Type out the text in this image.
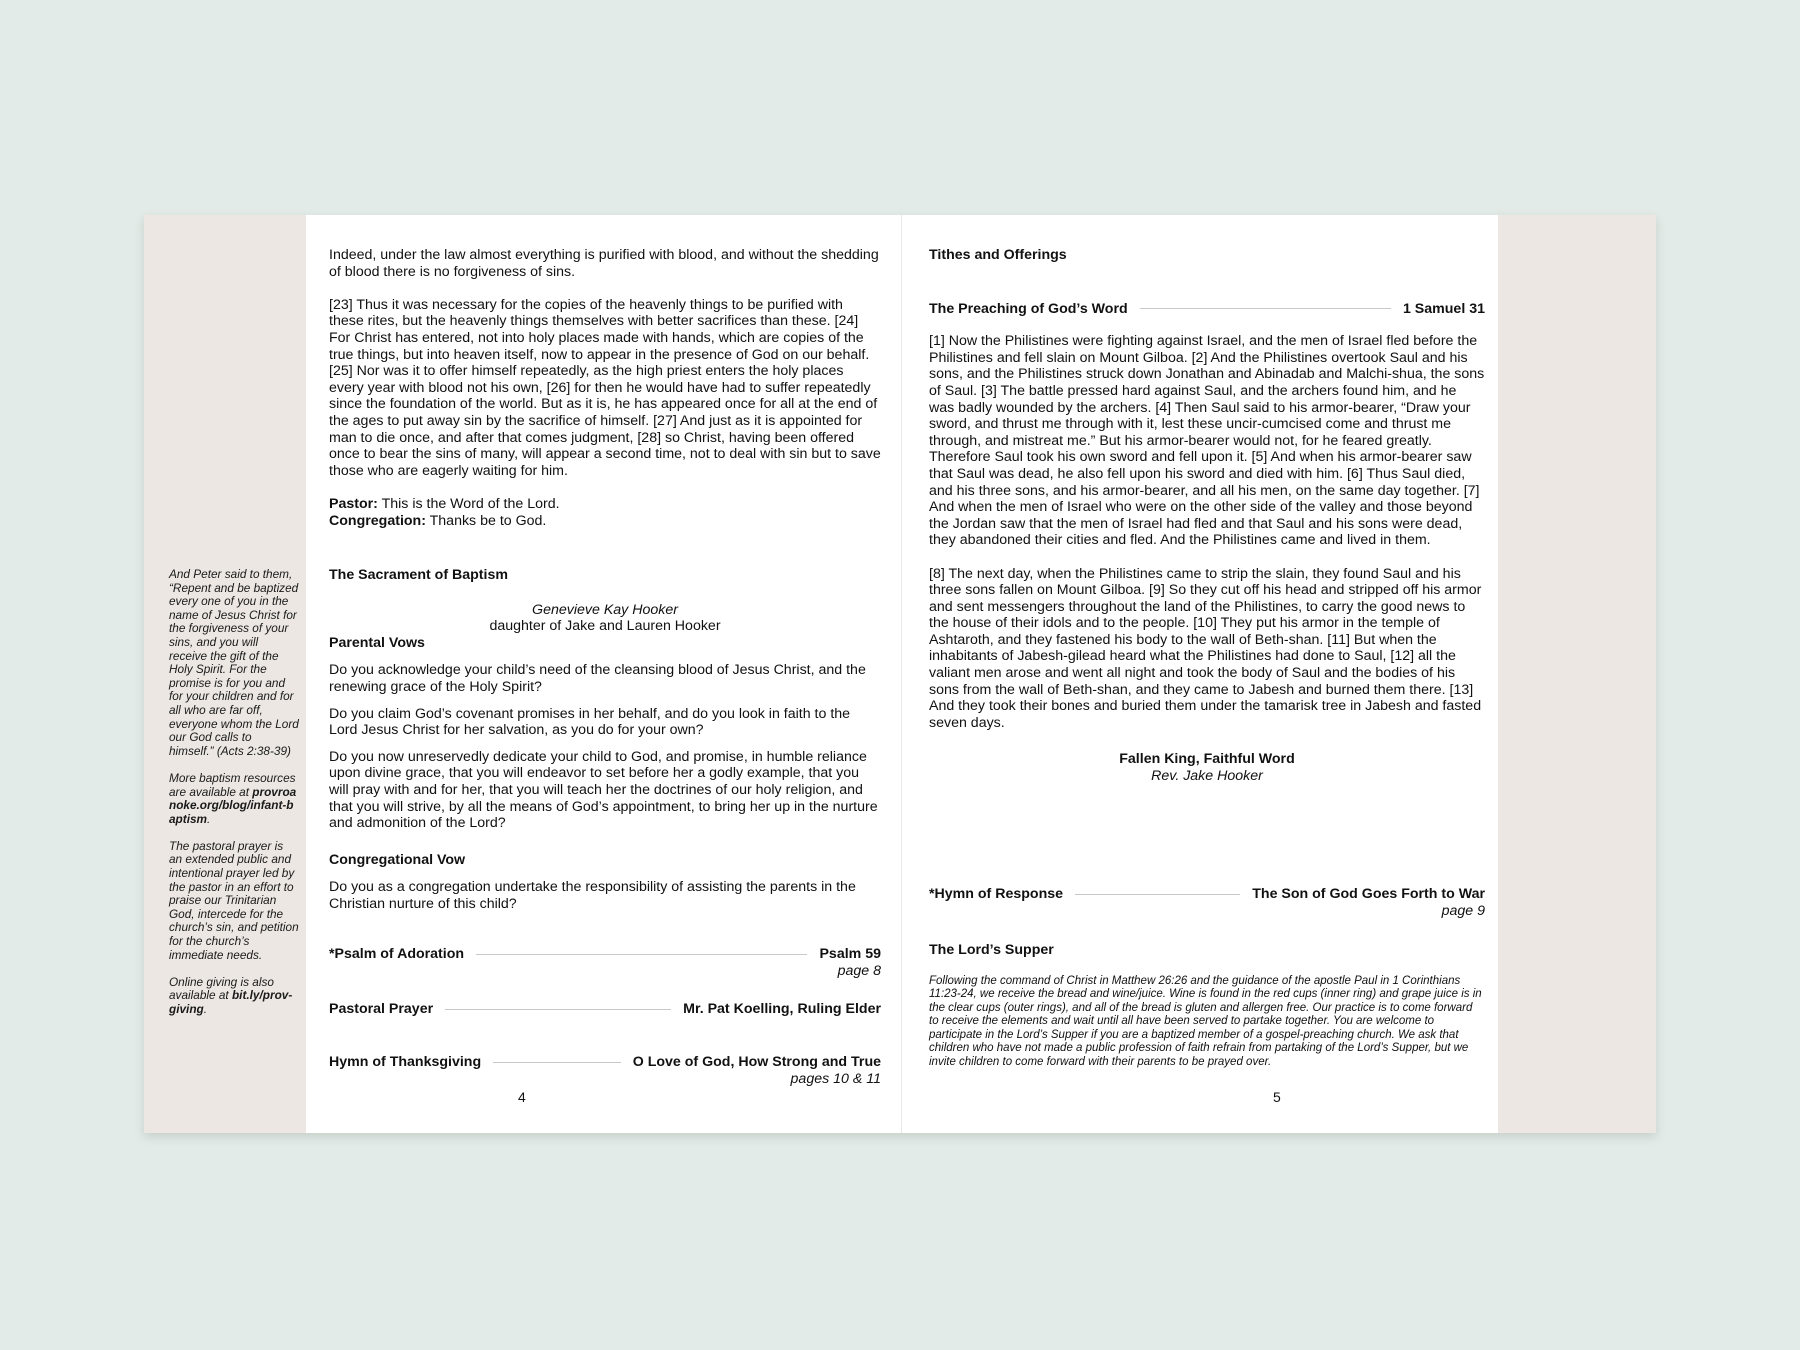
And Peter said to them, “Repent and be baptized every one of you in the name of Jesus Christ for the forgiveness of your sins, and you will receive the gift of the Holy Spirit. For the promise is for you and for your children and for all who are far off, everyone whom the Lord our God calls to himself.” (Acts 2:38-39)

More baptism resources are available at provroanoke.org/blog/infant-baptism.

The pastoral prayer is an extended public and intentional prayer led by the pastor in an effort to praise our Trinitarian God, intercede for the church’s sin, and petition for the church’s immediate needs.

Online giving is also available at bit.ly/prov-giving.

Indeed, under the law almost everything is purified with blood, and without the shedding of blood there is no forgiveness of sins.

[23] Thus it was necessary for the copies of the heavenly things to be purified with these rites, but the heavenly things themselves with better sacrifices than these. [24] For Christ has entered, not into holy places made with hands, which are copies of the true things, but into heaven itself, now to appear in the presence of God on our behalf. [25] Nor was it to offer himself repeatedly, as the high priest enters the holy places every year with blood not his own, [26] for then he would have had to suffer repeatedly since the foundation of the world. But as it is, he has appeared once for all at the end of the ages to put away sin by the sacrifice of himself. [27] And just as it is appointed for man to die once, and after that comes judgment, [28] so Christ, having been offered once to bear the sins of many, will appear a second time, not to deal with sin but to save those who are eagerly waiting for him.

Pastor: This is the Word of the Lord.

Congregation: Thanks be to God.

The Sacrament of Baptism

Genevieve Kay Hooker

daughter of Jake and Lauren Hooker

Parental Vows

Do you acknowledge your child’s need of the cleansing blood of Jesus Christ, and the renewing grace of the Holy Spirit?

Do you claim God’s covenant promises in her behalf, and do you look in faith to the Lord Jesus Christ for her salvation, as you do for your own?

Do you now unreservedly dedicate your child to God, and promise, in humble reliance upon divine grace, that you will endeavor to set before her a godly example, that you will pray with and for her, that you will teach her the doctrines of our holy religion, and that you will strive, by all the means of God’s appointment, to bring her up in the nurture and admonition of the Lord?

Congregational Vow

Do you as a congregation undertake the responsibility of assisting the parents in the Christian nurture of this child?

*Psalm of Adoration	Psalm 59
page 8
Pastoral Prayer	Mr. Pat Koelling, Ruling Elder
Hymn of Thanksgiving	O Love of God, How Strong and True
pages 10 & 11
4

Tithes and Offerings

The Preaching of God’s Word	1 Samuel 31

[1] Now the Philistines were fighting against Israel, and the men of Israel fled before the Philistines and fell slain on Mount Gilboa. [2] And the Philistines overtook Saul and his sons, and the Philistines struck down Jonathan and Abinadab and Malchi-shua, the sons of Saul. [3] The battle pressed hard against Saul, and the archers found him, and he was badly wounded by the archers. [4] Then Saul said to his armor-bearer, “Draw your sword, and thrust me through with it, lest these uncir-cumcised come and thrust me through, and mistreat me.” But his armor-bearer would not, for he feared greatly. Therefore Saul took his own sword and fell upon it. [5] And when his armor-bearer saw that Saul was dead, he also fell upon his sword and died with him. [6] Thus Saul died, and his three sons, and his armor-bearer, and all his men, on the same day together. [7] And when the men of Israel who were on the other side of the valley and those beyond the Jordan saw that the men of Israel had fled and that Saul and his sons were dead, they abandoned their cities and fled. And the Philistines came and lived in them.

[8] The next day, when the Philistines came to strip the slain, they found Saul and his three sons fallen on Mount Gilboa. [9] So they cut off his head and stripped off his armor and sent messengers throughout the land of the Philistines, to carry the good news to the house of their idols and to the people. [10] They put his armor in the temple of Ashtaroth, and they fastened his body to the wall of Beth-shan. [11] But when the inhabitants of Jabesh-gilead heard what the Philistines had done to Saul, [12] all the valiant men arose and went all night and took the body of Saul and the bodies of his sons from the wall of Beth-shan, and they came to Jabesh and burned them there. [13] And they took their bones and buried them under the tamarisk tree in Jabesh and fasted seven days.

Fallen King, Faithful Word

Rev. Jake Hooker

*Hymn of Response	The Son of God Goes Forth to War
page 9

The Lord’s Supper

Following the command of Christ in Matthew 26:26 and the guidance of the apostle Paul in 1 Corinthians 11:23-24, we receive the bread and wine/juice. Wine is found in the red cups (inner ring) and grape juice is in the clear cups (outer rings), and all of the bread is gluten and allergen free. Our practice is to come forward to receive the elements and wait until all have been served to partake together. You are welcome to participate in the Lord’s Supper if you are a baptized member of a gospel-preaching church. We ask that children who have not made a public profession of faith refrain from partaking of the Lord’s Supper, but we invite children to come forward with their parents to be prayed over.

5
